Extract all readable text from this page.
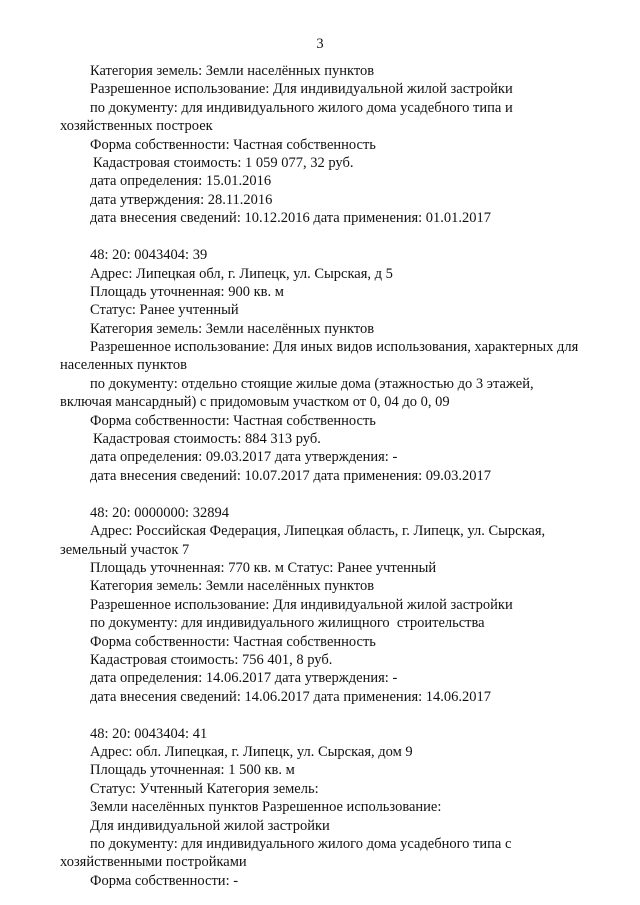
3
Категория земель: Земли населённых пунктов
Разрешенное использование: Для индивидуальной жилой застройки
по документу: для индивидуального жилого дома усадебного типа и
хозяйственных построек
Форма собственности: Частная собственность
Кадастровая стоимость: 1 059 077, 32 руб.
дата определения: 15.01.2016
дата утверждения: 28.11.2016
дата внесения сведений: 10.12.2016 дата применения: 01.01.2017
48: 20: 0043404: 39
Адрес: Липецкая обл, г. Липецк, ул. Сырская, д 5
Площадь уточненная: 900 кв. м
Статус: Ранее учтенный
Категория земель: Земли населённых пунктов
Разрешенное использование: Для иных видов использования, характерных для
населенных пунктов
по документу: отдельно стоящие жилые дома (этажностью до 3 этажей,
включая мансардный) с придомовым участком от 0, 04 до 0, 09
Форма собственности: Частная собственность
Кадастровая стоимость: 884 313 руб.
дата определения: 09.03.2017 дата утверждения: -
дата внесения сведений: 10.07.2017 дата применения: 09.03.2017
48: 20: 0000000: 32894
Адрес: Российская Федерация, Липецкая область, г. Липецк, ул. Сырская,
земельный участок 7
Площадь уточненная: 770 кв. м Статус: Ранее учтенный
Категория земель: Земли населённых пунктов
Разрешенное использование: Для индивидуальной жилой застройки
по документу: для индивидуального жилищного  строительства
Форма собственности: Частная собственность
Кадастровая стоимость: 756 401, 8 руб.
дата определения: 14.06.2017 дата утверждения: -
дата внесения сведений: 14.06.2017 дата применения: 14.06.2017
48: 20: 0043404: 41
Адрес: обл. Липецкая, г. Липецк, ул. Сырская, дом 9
Площадь уточненная: 1 500 кв. м
Статус: Учтенный Категория земель:
Земли населённых пунктов Разрешенное использование:
Для индивидуальной жилой застройки
по документу: для индивидуального жилого дома усадебного типа с
хозяйственными постройками
Форма собственности: -
